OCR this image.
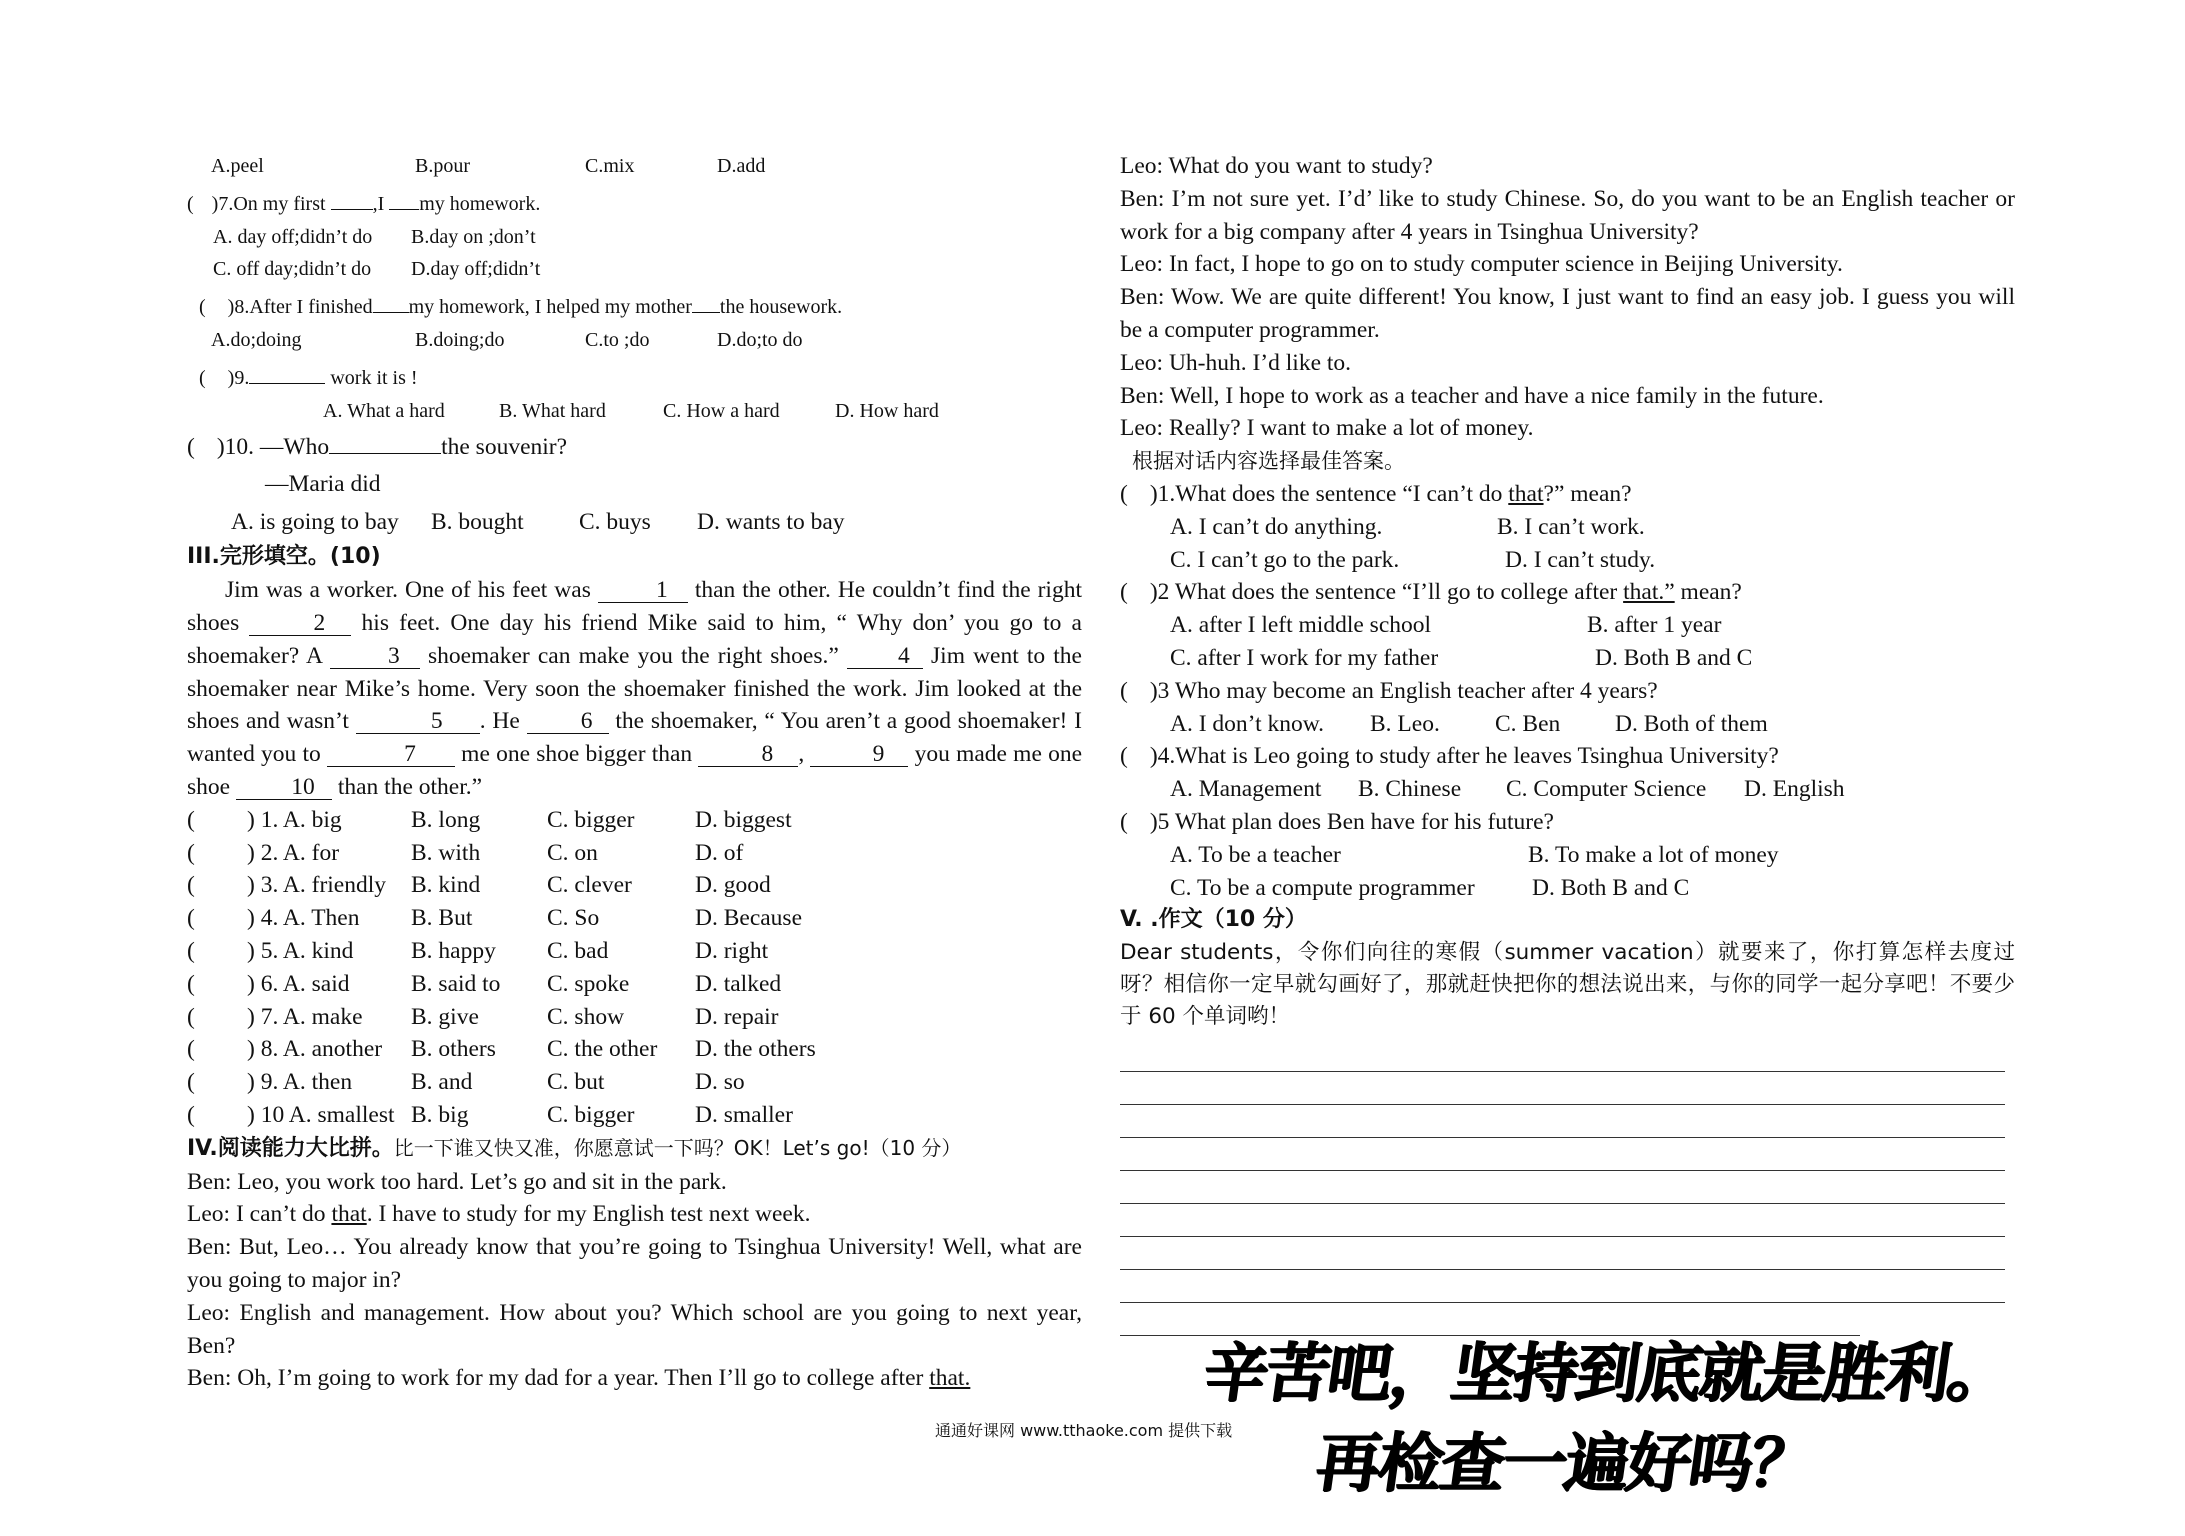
A.peel	B.pour	C.mix	D.add
( )7.On my first ,I my homework.
A. day off;didn’t do B.day on ;don’t
C. off day;didn’t do D.day off;didn’t
( )8.After I finished my homework, I helped my mother the housework.
A.do;doing	B.doing;do	C.to ;do	D.do;to do
( )9.	work it is !
A. What a hard	B. What hard	C. How a hard	D. How hard
( )10. —Who	the souvenir?
—Maria did
A. is going to bay B. bought C. buys D. wants to bay
III.完形填空。(10)
Jim was a worker. One of his feet was 1 than the other. He couldn’t find the right shoes	2 his feet. One day his friend Mike said to him, “ Why don’ you go to a shoemaker? A 3 shoemaker can make you the right shoes.” 4 Jim went to the shoemaker near Mike’s home. Very soon the shoemaker finished the work. Jim looked at the shoes and wasn’t	5 . He 6 the shoemaker, “ You aren’t a good shoemaker! I wanted you to	7 me one shoe bigger than	8 ,	9 you made me one shoe 10 than the other.”
( ) 1. A. big	B. long	C. bigger	D. biggest
( ) 2. A. for	B. with	C. on	D. of
( ) 3. A. friendly B. kind	C. clever	D. good
( ) 4. A. Then B. But	C. So	D. Because
( ) 5. A. kind B. happy C. bad	D. right
( ) 6. A. said	B. said to C. spoke	D. talked
( ) 7. A. make B. give	C. show	D. repair
( ) 8. A. another B. others C. the other D. the others
( ) 9. A. then	B. and	C. but	D. so
( ) 10 A. smallest B. big	C. bigger	D. smaller
IV.阅读能力大比拼。比一下谁又快又准，你愿意试一下吗？OK！Let’s go!（10 分）
Ben: Leo, you work too hard. Let’s go and sit in the park.
Leo: I can’t do that. I have to study for my English test next week.
Ben: But, Leo… You already know that you’re going to Tsinghua University! Well, what are you going to major in?
Leo: English and management. How about you? Which school are you going to next year, Ben?
Ben: Oh, I’m going to work for my dad for a year. Then I’ll go to college after that.
Leo: What do you want to study?
Ben: I’m not sure yet. I’d’ like to study Chinese. So, do you want to be an English teacher or work for a big company after 4 years in Tsinghua University?
Leo: In fact, I hope to go on to study computer science in Beijing University.
Ben: Wow. We are quite different! You know, I just want to find an easy job. I guess you will be a computer programmer.
Leo: Uh-huh. I’d like to.
Ben: Well, I hope to work as a teacher and have a nice family in the future.
Leo: Really? I want to make a lot of money.
根据对话内容选择最佳答案。
( )1.What does the sentence “I can’t do that?” mean?
A. I can’t do anything.	B. I can’t work.
C. I can’t go to the park.	D. I can’t study.
( )2 What does the sentence “I’ll go to college after that.” mean?
A. after I left middle school	B. after 1 year
C. after I work for my father	D. Both B and C
( )3 Who may become an English teacher after 4 years?
A. I don’t know. B. Leo. C. Ben D. Both of them
( )4.What is Leo going to study after he leaves Tsinghua University?
A. Management B. Chinese C. Computer Science D. English
( )5 What plan does Ben have for his future?
A. To be a teacher	B. To make a lot of money
C. To be a compute programmer D. Both B and C
V. .作文（10 分）
Dear students，令你们向往的寒假（summer vacation）就要来了，你打算怎样去度过呀？相信你一定早就勾画好了，那就赶快把你的想法说出来，与你的同学一起分享吧！不要少于 60 个单词哟！
辛苦吧，坚持到底就是胜利。
再检查一遍好吗？
通通好课网 www.tthaoke.com 提供下载
